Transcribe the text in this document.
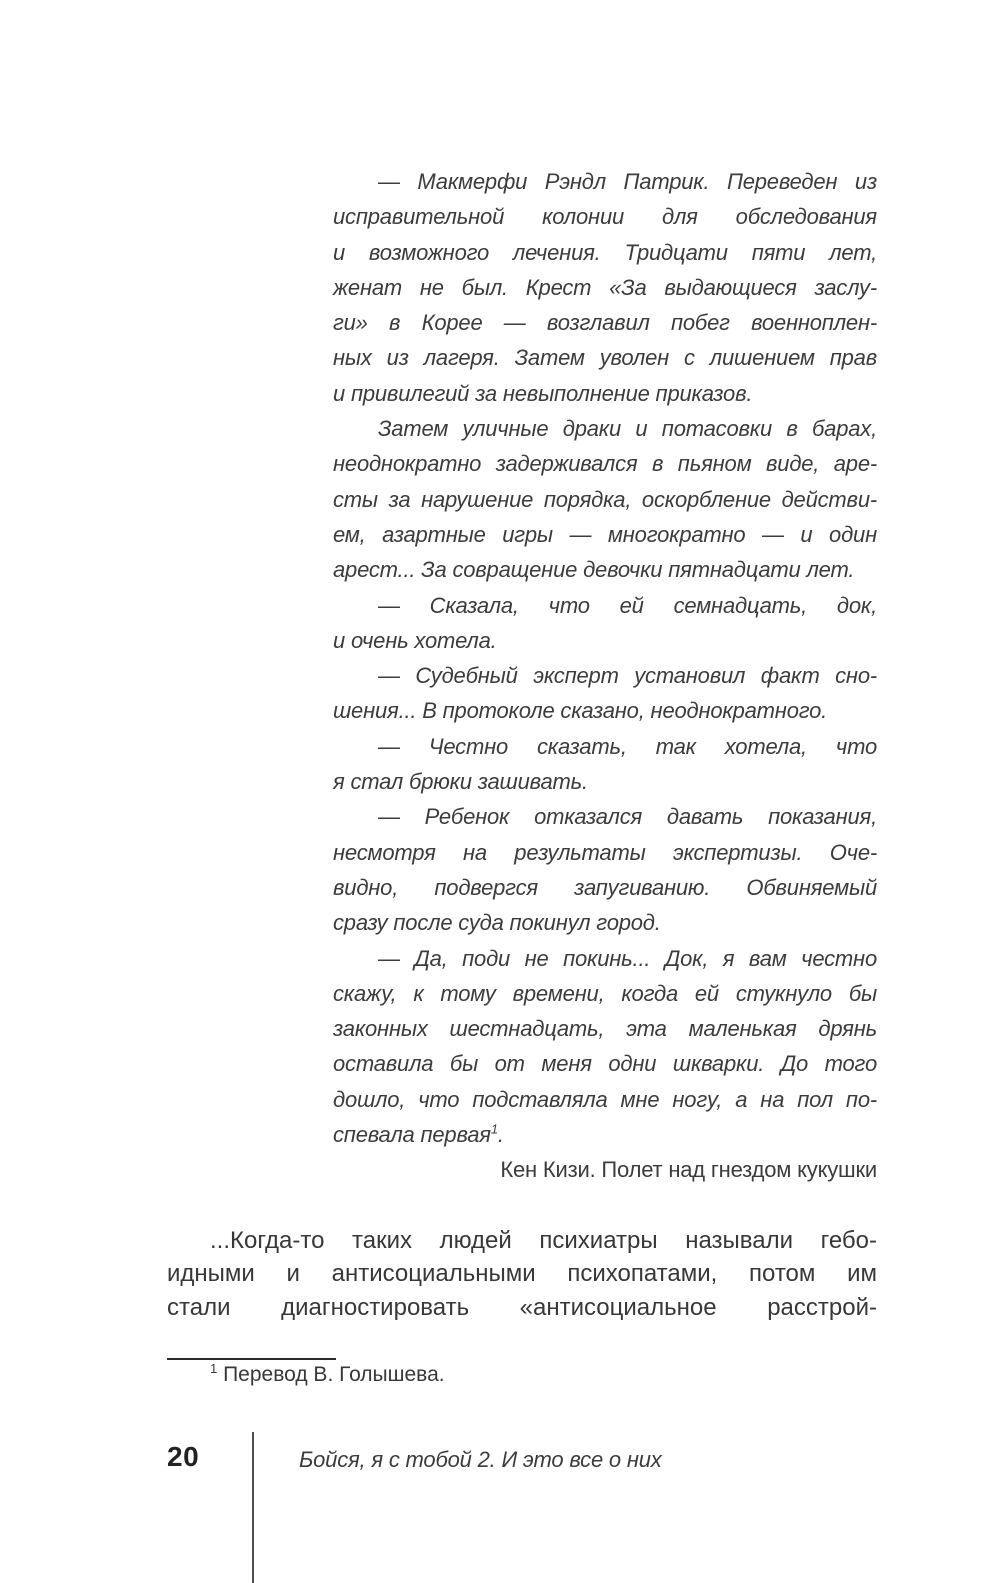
— Макмерфи Рэндл Патрик. Переведен из
исправительной колонии для обследования
и возможного лечения. Тридцати пяти лет,
женат не был. Крест «За выдающиеся заслу-
ги» в Корее — возглавил побег военноплен-
ных из лагеря. Затем уволен с лишением прав
и привилегий за невыполнение приказов.
Затем уличные драки и потасовки в барах,
неоднократно задерживался в пьяном виде, аре-
сты за нарушение порядка, оскорбление действи-
ем, азартные игры — многократно — и один
арест... За совращение девочки пятнадцати лет.
— Сказала, что ей семнадцать, док,
и очень хотела.
— Судебный эксперт установил факт сно-
шения... В протоколе сказано, неоднократного.
— Честно сказать, так хотела, что
я стал брюки зашивать.
— Ребенок отказался давать показания,
несмотря на результаты экспертизы. Оче-
видно, подвергся запугиванию. Обвиняемый
сразу после суда покинул город.
— Да, поди не покинь... Док, я вам честно
скажу, к тому времени, когда ей стукнуло бы
законных шестнадцать, эта маленькая дрянь
оставила бы от меня одни шкварки. До того
дошло, что подставляла мне ногу, а на пол по-
спевала первая$^1$.
Кен Кизи. Полет над гнездом кукушки
...Когда-то таких людей психиатры называли гебо-
идными и антисоциальными психопатами, потом им
стали диагностировать «антисоциальное расстрой-
$^1$ Перевод В. Голышева.
20	Бойся, я с тобой 2. И это все о них
